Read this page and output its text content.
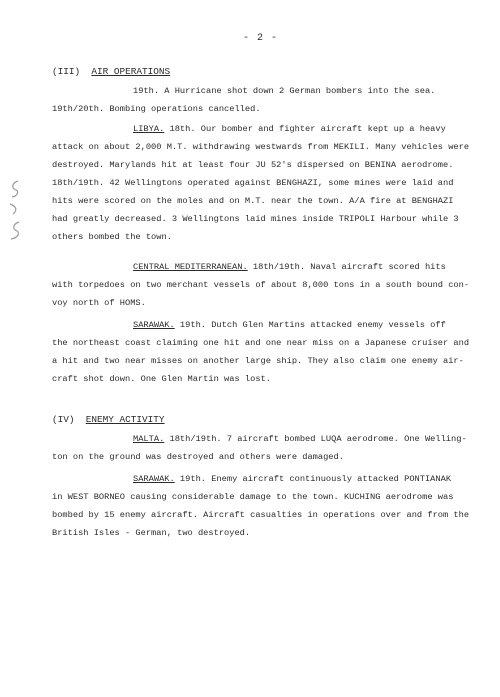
- 2 -
(III) AIR OPERATIONS
19th. A Hurricane shot down 2 German bombers into the sea.
19th/20th. Bombing operations cancelled.
LIBYA. 18th. Our bomber and fighter aircraft kept up a heavy
attack on about 2,000 M.T. withdrawing westwards from MEKILI. Many vehicles were
destroyed. Marylands hit at least four JU 52's dispersed on BENINA aerodrome.
18th/19th. 42 Wellingtons operated against BENGHAZI, some mines were laid and
hits were scored on the moles and on M.T. near the town. A/A fire at BENGHAZI
had greatly decreased. 3 Wellingtons laid mines inside TRIPOLI Harbour while 3
others bombed the town.
CENTRAL MEDITERRANEAN. 18th/19th. Naval aircraft scored hits
with torpedoes on two merchant vessels of about 8,000 tons in a south bound con-
voy north of HOMS.
SARAWAK. 19th. Dutch Glen Martins attacked enemy vessels off
the northeast coast claiming one hit and one near miss on a Japanese cruiser and
a hit and two near misses on another large ship. They also claim one enemy air-
craft shot down. One Glen Martin was lost.
(IV) ENEMY ACTIVITY
MALTA. 18th/19th. 7 aircraft bombed LUQA aerodrome. One Welling-
ton on the ground was destroyed and others were damaged.
SARAWAK. 19th. Enemy aircraft continuously attacked PONTIANAK
in WEST BORNEO causing considerable damage to the town. KUCHING aerodrome was
bombed by 15 enemy aircraft. Aircraft casualties in operations over and from the
British Isles - German, two destroyed.
